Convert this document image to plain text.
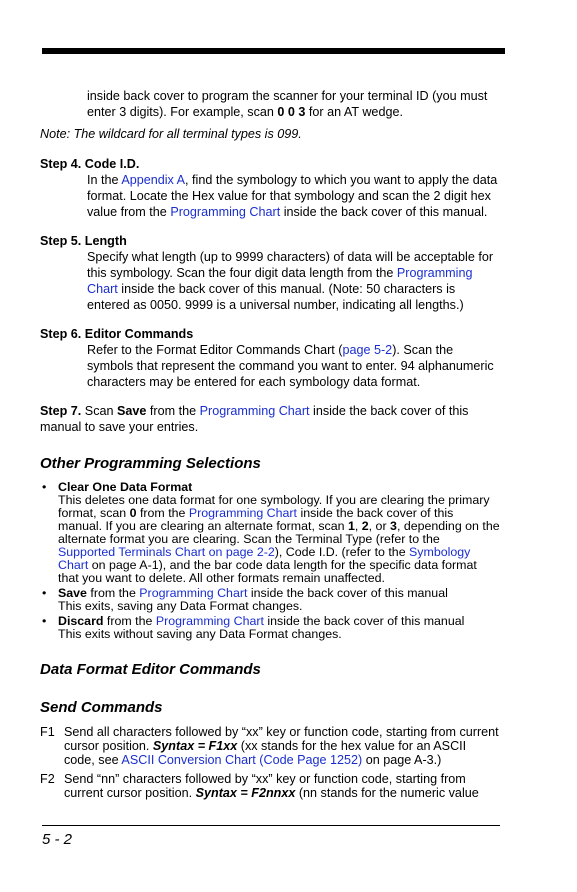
inside back cover to program the scanner for your terminal ID (you must enter 3 digits). For example, scan 0 0 3 for an AT wedge.
Note: The wildcard for all terminal types is 099.
Step 4. Code I.D.
In the Appendix A, find the symbology to which you want to apply the data format. Locate the Hex value for that symbology and scan the 2 digit hex value from the Programming Chart inside the back cover of this manual.
Step 5. Length
Specify what length (up to 9999 characters) of data will be acceptable for this symbology. Scan the four digit data length from the Programming Chart inside the back cover of this manual. (Note: 50 characters is entered as 0050. 9999 is a universal number, indicating all lengths.)
Step 6. Editor Commands
Refer to the Format Editor Commands Chart (page 5-2). Scan the symbols that represent the command you want to enter. 94 alphanumeric characters may be entered for each symbology data format.
Step 7. Scan Save from the Programming Chart inside the back cover of this manual to save your entries.
Other Programming Selections
• Clear One Data Format
This deletes one data format for one symbology. If you are clearing the primary format, scan 0 from the Programming Chart inside the back cover of this manual. If you are clearing an alternate format, scan 1, 2, or 3, depending on the alternate format you are clearing. Scan the Terminal Type (refer to the Supported Terminals Chart on page 2-2), Code I.D. (refer to the Symbology Chart on page A-1), and the bar code data length for the specific data format that you want to delete. All other formats remain unaffected.
• Save from the Programming Chart inside the back cover of this manual
This exits, saving any Data Format changes.
• Discard from the Programming Chart inside the back cover of this manual
This exits without saving any Data Format changes.
Data Format Editor Commands
Send Commands
F1 Send all characters followed by “xx” key or function code, starting from current cursor position. Syntax = F1xx (xx stands for the hex value for an ASCII code, see ASCII Conversion Chart (Code Page 1252) on page A-3.)
F2 Send “nn” characters followed by “xx” key or function code, starting from current cursor position. Syntax = F2nnxx (nn stands for the numeric value
5 - 2
